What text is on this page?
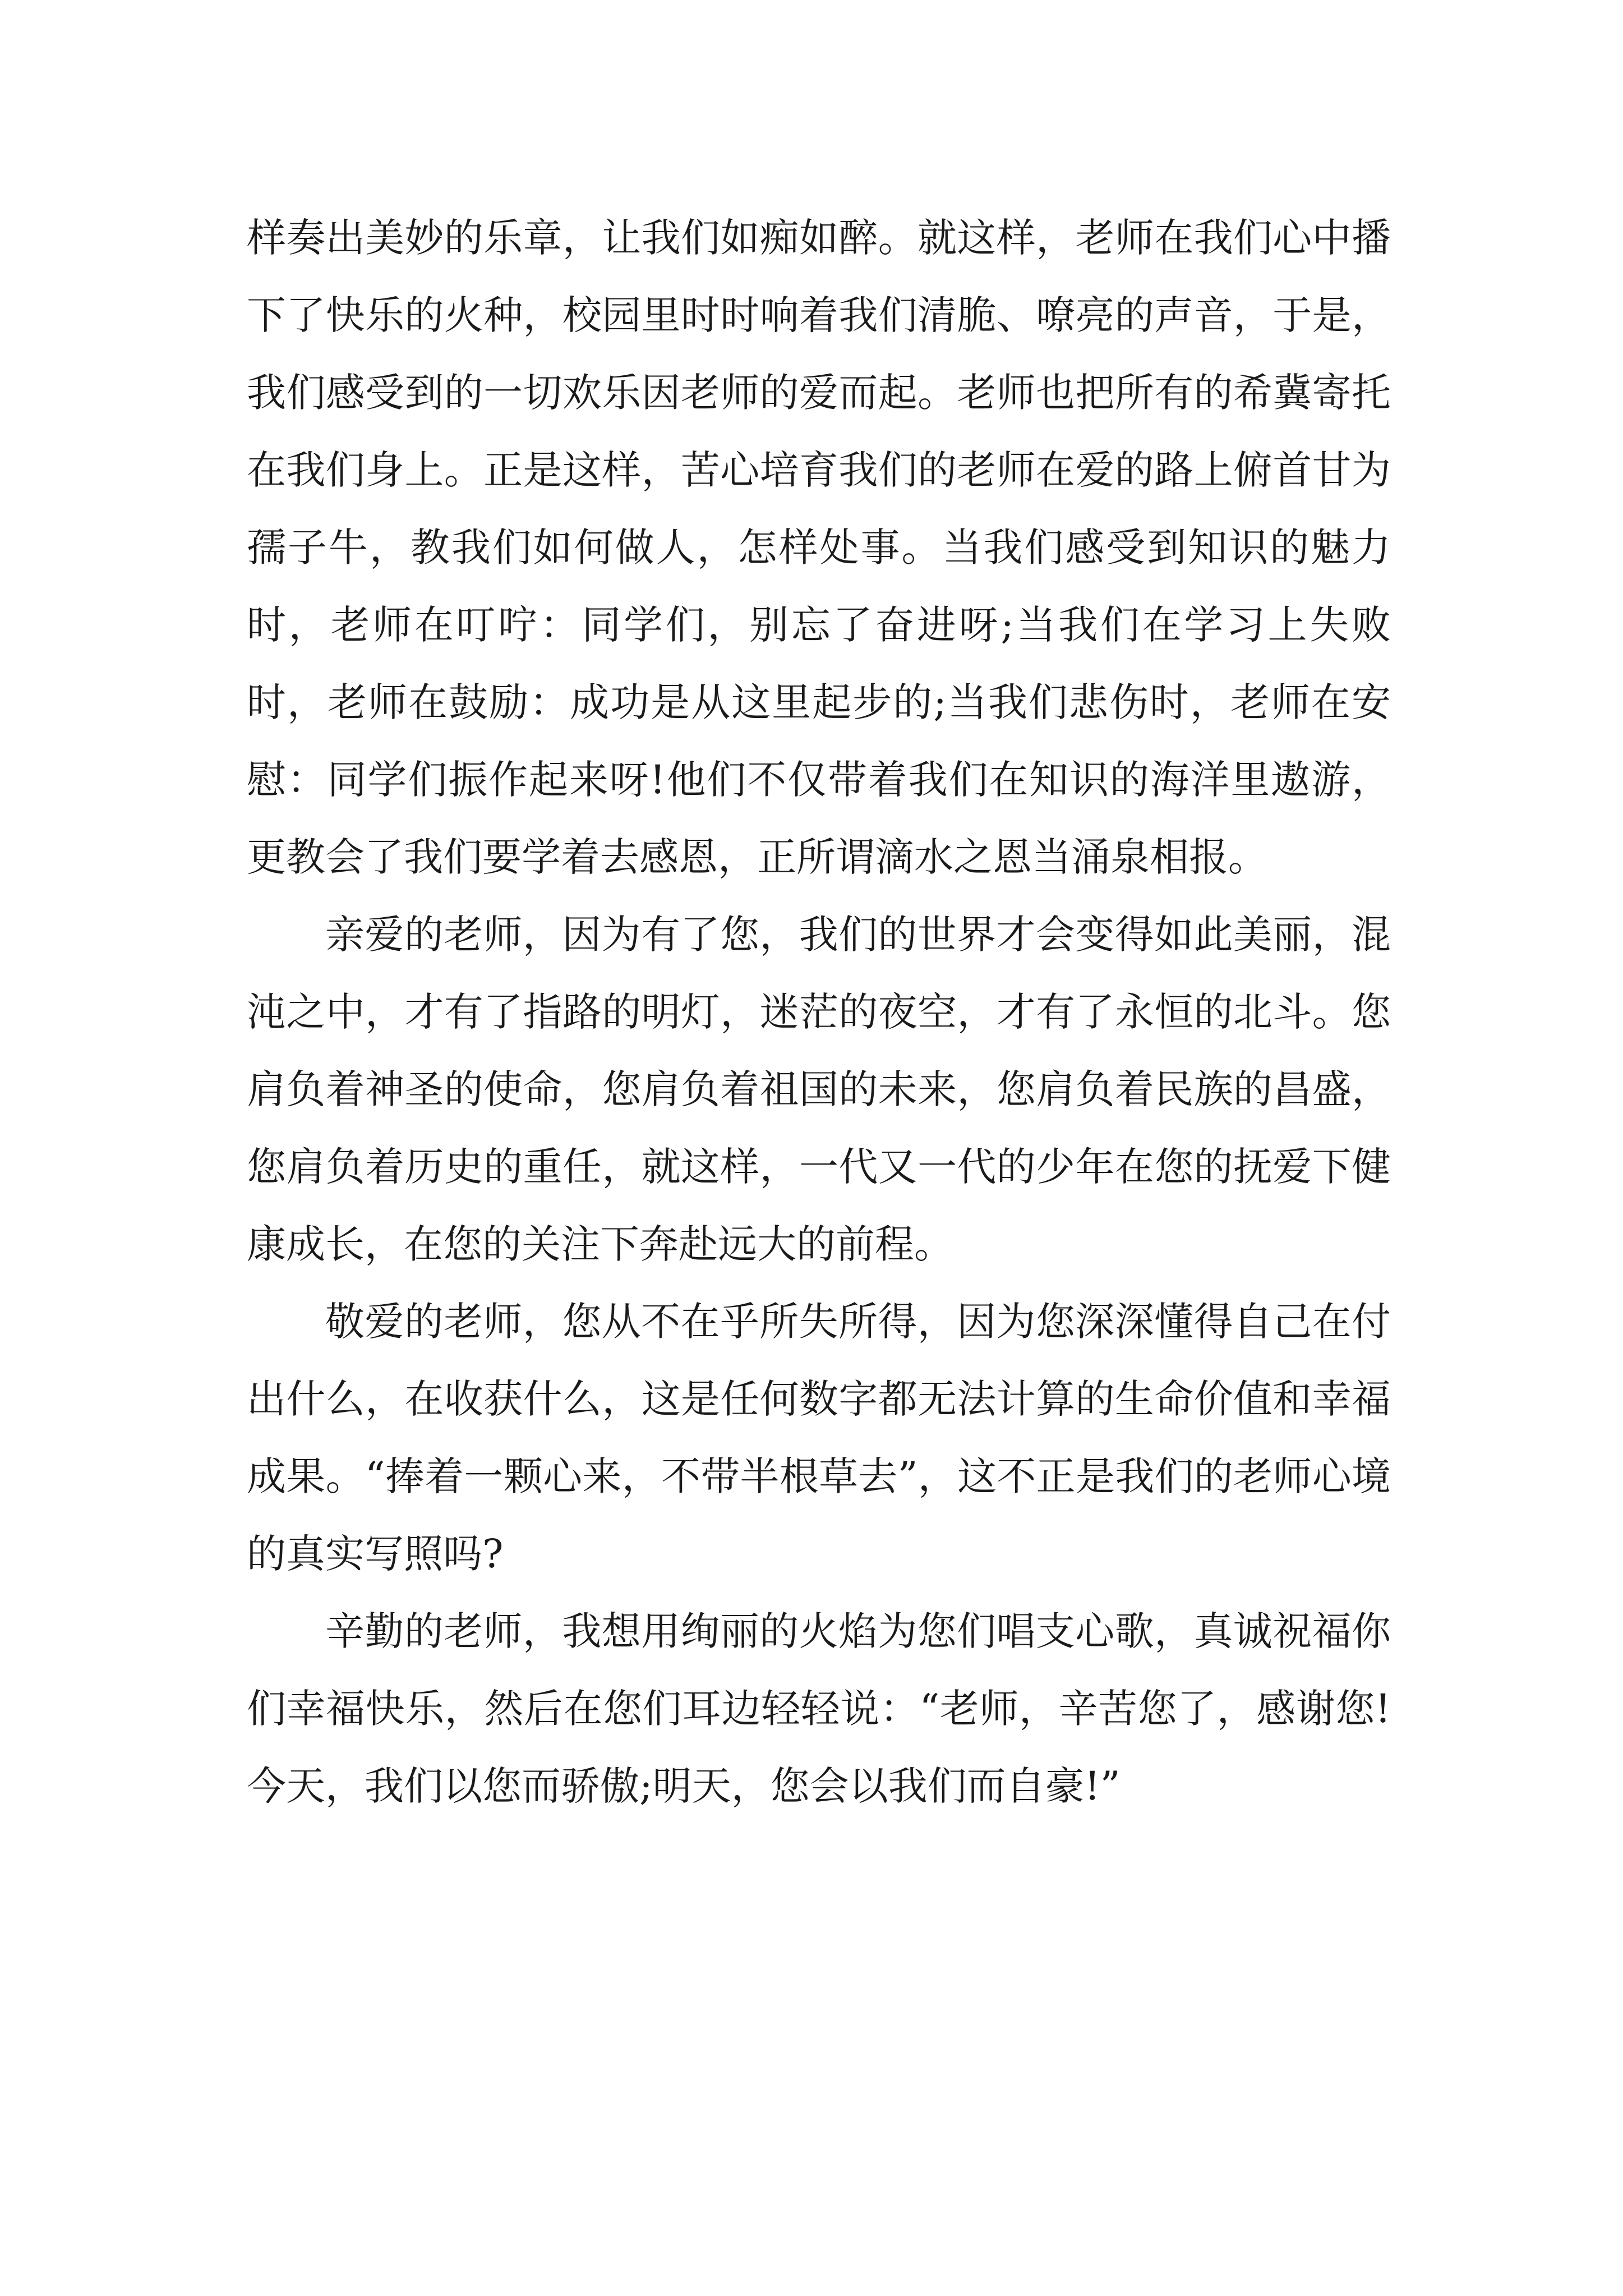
样奏出美妙的乐章，让我们如痴如醉。就这样，老师在我们心中播下了快乐的火种，校园里时时响着我们清脆、嘹亮的声音，于是，我们感受到的一切欢乐因老师的爱而起。老师也把所有的希冀寄托在我们身上。正是这样，苦心培育我们的老师在爱的路上俯首甘为孺子牛，教我们如何做人，怎样处事。当我们感受到知识的魅力时，老师在叮咛：同学们，别忘了奋进呀;当我们在学习上失败时，老师在鼓励：成功是从这里起步的;当我们悲伤时，老师在安慰：同学们振作起来呀!他们不仅带着我们在知识的海洋里遨游，更教会了我们要学着去感恩，正所谓滴水之恩当涌泉相报。

亲爱的老师，因为有了您，我们的世界才会变得如此美丽，混沌之中，才有了指路的明灯，迷茫的夜空，才有了永恒的北斗。您肩负着神圣的使命，您肩负着祖国的未来，您肩负着民族的昌盛，您肩负着历史的重任，就这样，一代又一代的少年在您的抚爱下健康成长，在您的关注下奔赴远大的前程。

敬爱的老师，您从不在乎所失所得，因为您深深懂得自己在付出什么，在收获什么，这是任何数字都无法计算的生命价值和幸福成果。“捧着一颗心来，不带半根草去”，这不正是我们的老师心境的真实写照吗?

辛勤的老师，我想用绚丽的火焰为您们唱支心歌，真诚祝福你们幸福快乐，然后在您们耳边轻轻说：“老师，辛苦您了，感谢您!今天，我们以您而骄傲;明天，您会以我们而自豪!”
